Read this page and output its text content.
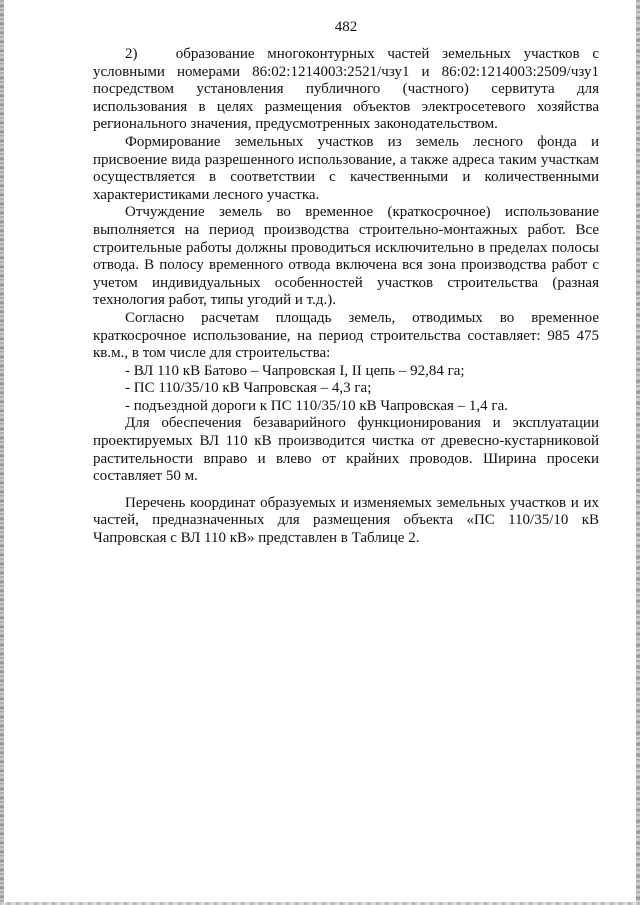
482

2)   образование многоконтурных частей земельных участков с условными номерами 86:02:1214003:2521/чзу1 и 86:02:1214003:2509/чзу1 посредством установления публичного (частного) сервитута для использования в целях размещения объектов электросетевого хозяйства регионального значения, предусмотренных законодательством.

Формирование земельных участков из земель лесного фонда и присвоение вида разрешенного использование, а также адреса таким участкам осуществляется в соответствии с качественными и количественными характеристиками лесного участка.

Отчуждение земель во временное (краткосрочное) использование выполняется на период производства строительно-монтажных работ. Все строительные работы должны проводиться исключительно в пределах полосы отвода. В полосу временного отвода включена вся зона производства работ с учетом индивидуальных особенностей участков строительства (разная технология работ, типы угодий и т.д.).

Согласно расчетам площадь земель, отводимых во временное краткосрочное использование, на период строительства составляет: 985 475 кв.м., в том числе для строительства:

- ВЛ 110 кВ Батово – Чапровская I, II цепь – 92,84 га;

- ПС 110/35/10 кВ Чапровская – 4,3 га;

- подъездной дороги к ПС 110/35/10 кВ Чапровская – 1,4 га.

Для обеспечения безаварийного функционирования и эксплуатации проектируемых ВЛ 110 кВ производится чистка от древесно-кустарниковой растительности вправо и влево от крайних проводов. Ширина просеки составляет 50 м.

Перечень координат образуемых и изменяемых земельных участков и их частей, предназначенных для размещения объекта «ПС 110/35/10 кВ Чапровская с ВЛ 110 кВ» представлен в Таблице 2.
